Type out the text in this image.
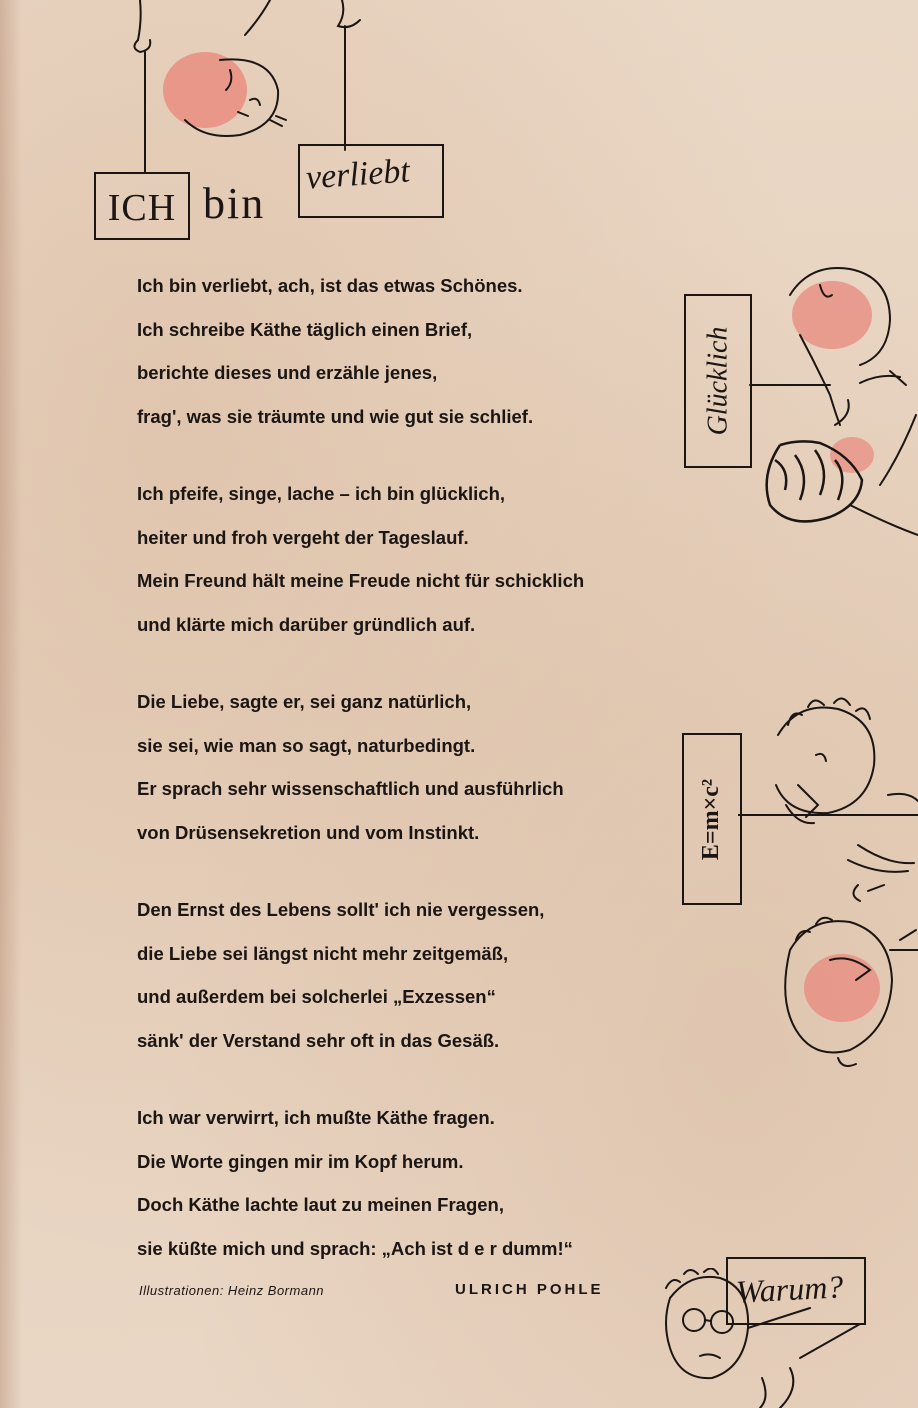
ICH bin
verliebt
Ich bin verliebt, ach, ist das etwas Schönes.
Ich schreibe Käthe täglich einen Brief,
berichte dieses und erzähle jenes,
frag', was sie träumte und wie gut sie schlief.
Ich pfeife, singe, lache – ich bin glücklich,
heiter und froh vergeht der Tageslauf.
Mein Freund hält meine Freude nicht für schicklich
und klärte mich darüber gründlich auf.
Die Liebe, sagte er, sei ganz natürlich,
sie sei, wie man so sagt, naturbedingt.
Er sprach sehr wissenschaftlich und ausführlich
von Drüsensekretion und vom Instinkt.
Den Ernst des Lebens sollt' ich nie vergessen,
die Liebe sei längst nicht mehr zeitgemäß,
und außerdem bei solcherlei „Exzessen“
sänk' der Verstand sehr oft in das Gesäß.
Ich war verwirrt, ich mußte Käthe fragen.
Die Worte gingen mir im Kopf herum.
Doch Käthe lachte laut zu meinen Fragen,
sie küßte mich und sprach: „Ach ist d e r dumm!“
Illustrationen: Heinz Bormann	ULRICH POHLE
Glücklich
E=m×c²
Warum?
